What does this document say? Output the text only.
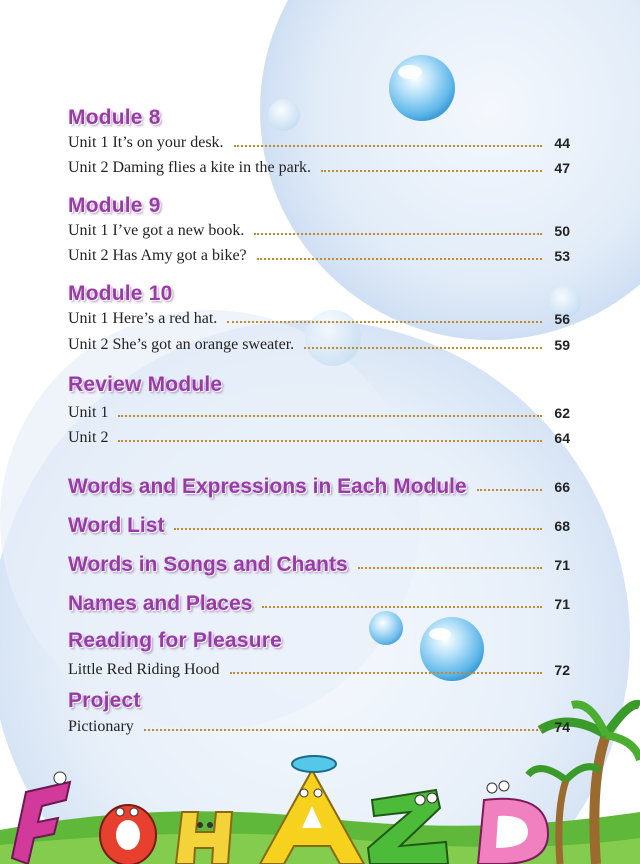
Module 8
Unit 1 It’s on your desk.	44
Unit 2 Daming flies a kite in the park.	47
Module 9
Unit 1 I’ve got a new book.	50
Unit 2 Has Amy got a bike?	53
Module 10
Unit 1 Here’s a red hat.	56
Unit 2 She’s got an orange sweater.	59
Review Module
Unit 1	62
Unit 2	64
Words and Expressions in Each Module	66
Word List	68
Words in Songs and Chants	71
Names and Places	71
Reading for Pleasure
Little Red Riding Hood	72
Project
Pictionary	74
